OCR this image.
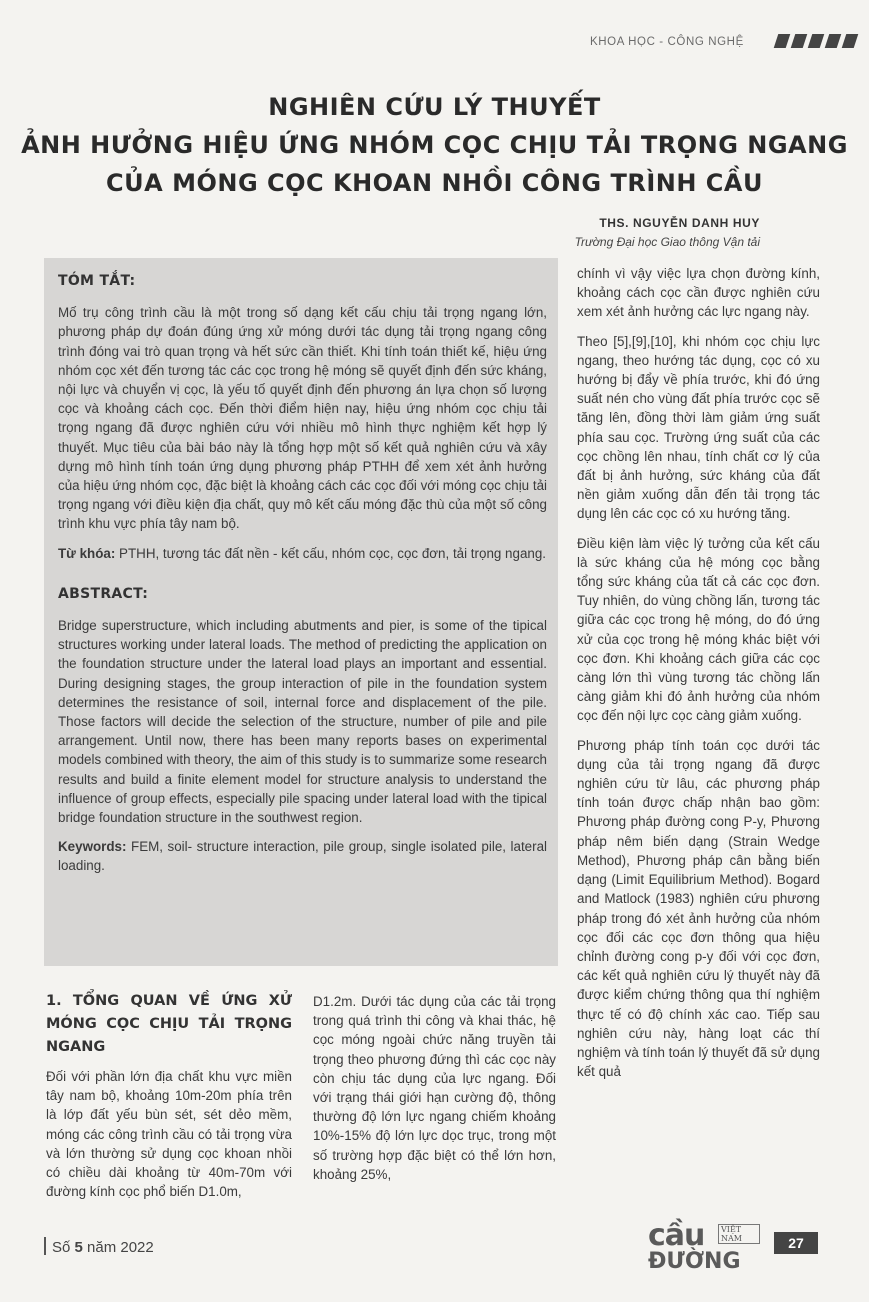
KHOA HỌC - CÔNG NGHỆ
NGHIÊN CỨU LÝ THUYẾT
ẢNH HƯỞNG HIỆU ỨNG NHÓM CỌC CHỊU TẢI TRỌNG NGANG
CỦA MÓNG CỌC KHOAN NHỒI CÔNG TRÌNH CẦU
THS. NGUYỄN DANH HUY
Trường Đại học Giao thông Vận tải
TÓM TẮT:

Mố trụ công trình cầu là một trong số dạng kết cấu chịu tải trọng ngang lớn, phương pháp dự đoán đúng ứng xử móng dưới tác dụng tải trọng ngang công trình đóng vai trò quan trọng và hết sức cần thiết. Khi tính toán thiết kế, hiệu ứng nhóm cọc xét đến tương tác các cọc trong hệ móng sẽ quyết định đến sức kháng, nội lực và chuyển vị cọc, là yếu tố quyết định đến phương án lựa chọn số lượng cọc và khoảng cách cọc. Đến thời điểm hiện nay, hiệu ứng nhóm cọc chịu tải trọng ngang đã được nghiên cứu với nhiều mô hình thực nghiệm kết hợp lý thuyết. Mục tiêu của bài báo này là tổng hợp một số kết quả nghiên cứu và xây dựng mô hình tính toán ứng dụng phương pháp PTHH để xem xét ảnh hưởng của hiệu ứng nhóm cọc, đặc biệt là khoảng cách các cọc đối với móng cọc chịu tải trọng ngang với điều kiện địa chất, quy mô kết cấu móng đặc thù của một số công trình khu vực phía tây nam bộ.

Từ khóa: PTHH, tương tác đất nền - kết cấu, nhóm cọc, cọc đơn, tải trọng ngang.

ABSTRACT:

Bridge superstructure, which including abutments and pier, is some of the tipical structures working under lateral loads. The method of predicting the application on the foundation structure under the lateral load plays an important and essential. During designing stages, the group interaction of pile in the foundation system determines the resistance of soil, internal force and displacement of the pile. Those factors will decide the selection of the structure, number of pile and pile arrangement. Until now, there has been many reports bases on experimental models combined with theory, the aim of this study is to summarize some research results and build a finite element model for structure analysis to understand the influence of group effects, especially pile spacing under lateral load with the tipical bridge foundation structure in the southwest region.

Keywords: FEM, soil- structure interaction, pile group, single isolated pile, lateral loading.

1. TỔNG QUAN VỀ ỨNG XỬ MÓNG CỌC CHỊU TẢI TRỌNG NGANG

Đối với phần lớn địa chất khu vực miền tây nam bộ, khoảng 10m-20m phía trên là lớp đất yếu bùn sét, sét dẻo mềm, móng các công trình cầu có tải trọng vừa và lớn thường sử dụng cọc khoan nhồi có chiều dài khoảng từ 40m-70m với đường kính cọc phổ biến D1.0m,

D1.2m. Dưới tác dụng của các tải trọng trong quá trình thi công và khai thác, hệ cọc móng ngoài chức năng truyền tải trọng theo phương đứng thì các cọc này còn chịu tác dụng của lực ngang. Đối với trạng thái giới hạn cường độ, thông thường độ lớn lực ngang chiếm khoảng 10%-15% độ lớn lực dọc trục, trong một số trường hợp đặc biệt có thể lớn hơn, khoảng 25%,

chính vì vậy việc lựa chọn đường kính, khoảng cách cọc cần được nghiên cứu xem xét ảnh hưởng các lực ngang này.

Theo [5],[9],[10], khi nhóm cọc chịu lực ngang, theo hướng tác dụng, cọc có xu hướng bị đẩy về phía trước, khi đó ứng suất nén cho vùng đất phía trước cọc sẽ tăng lên, đồng thời làm giảm ứng suất phía sau cọc. Trường ứng suất của các cọc chồng lên nhau, tính chất cơ lý của đất bị ảnh hưởng, sức kháng của đất nền giảm xuống dẫn đến tải trọng tác dụng lên các cọc có xu hướng tăng.

Điều kiện làm việc lý tưởng của kết cấu là sức kháng của hệ móng cọc bằng tổng sức kháng của tất cả các cọc đơn. Tuy nhiên, do vùng chồng lấn, tương tác giữa các cọc trong hệ móng, do đó ứng xử của cọc trong hệ móng khác biệt với cọc đơn. Khi khoảng cách giữa các cọc càng lớn thì vùng tương tác chồng lấn càng giảm khi đó ảnh hưởng của nhóm cọc đến nội lực cọc càng giảm xuống.

Phương pháp tính toán cọc dưới tác dụng của tải trọng ngang đã được nghiên cứu từ lâu, các phương pháp tính toán được chấp nhận bao gồm: Phương pháp đường cong P-y, Phương pháp nêm biến dạng (Strain Wedge Method), Phương pháp cân bằng biến dạng (Limit Equilibrium Method). Bogard and Matlock (1983) nghiên cứu phương pháp trong đó xét ảnh hưởng của nhóm cọc đối các cọc đơn thông qua hiệu chỉnh đường cong p-y đối với cọc đơn, các kết quả nghiên cứu lý thuyết này đã được kiểm chứng thông qua thí nghiệm thực tế có độ chính xác cao. Tiếp sau nghiên cứu này, hàng loạt các thí nghiệm và tính toán lý thuyết đã sử dụng kết quả

Số 5 năm 2022	cầu
ĐƯỜNG
VIỆT NAM	27
